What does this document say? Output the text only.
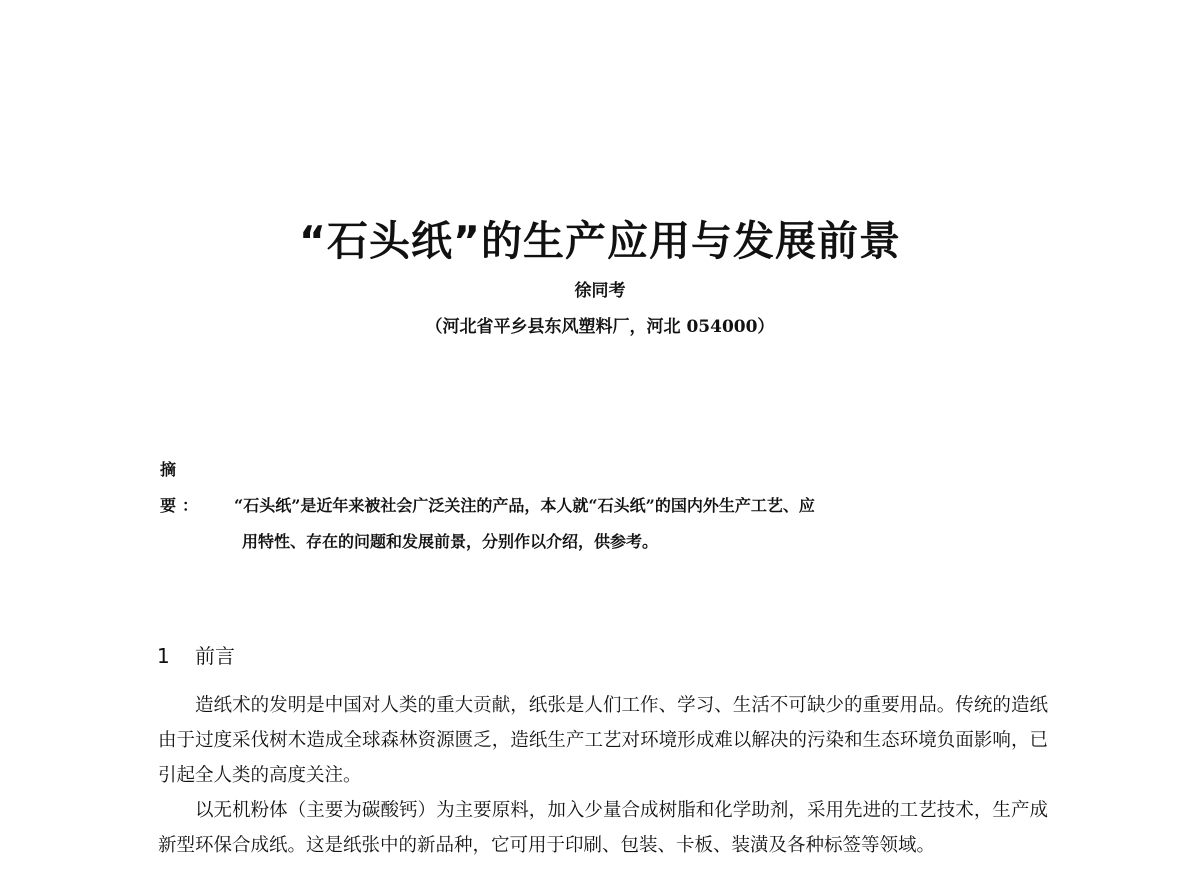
“石头纸”的生产应用与发展前景
徐同考
（河北省平乡县东风塑料厂，河北 054000）
摘 要： “石头纸”是近年来被社会广泛关注的产品，本人就“石头纸”的国内外生产工艺、应
用特性、存在的问题和发展前景，分别作以介绍，供参考。
1 前言

造纸术的发明是中国对人类的重大贡献，纸张是人们工作、学习、生活不可缺少的重要用品。传统的造纸由于过度采伐树木造成全球森林资源匮乏，造纸生产工艺对环境形成难以解决的污染和生态环境负面影响，已引起全人类的高度关注。

以无机粉体（主要为碳酸钙）为主要原料，加入少量合成树脂和化学助剂，采用先进的工艺技术，生产成新型环保合成纸。这是纸张中的新品种，它可用于印刷、包装、卡板、装潢及各种标签等领域。
